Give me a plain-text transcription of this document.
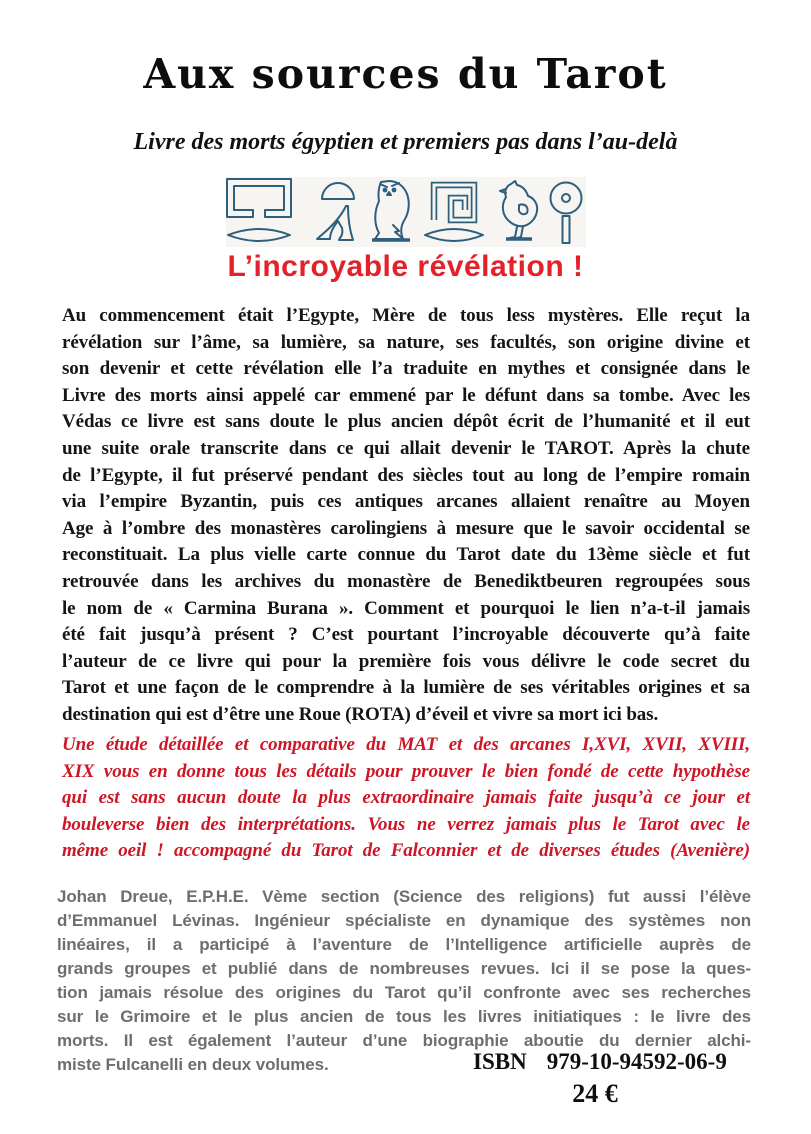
Aux sources du Tarot
Livre des morts égyptien et premiers pas dans l’au-delà
L’incroyable révélation !
Au commencement était l’Egypte, Mère de tous less mystères. Elle reçut la
révélation sur l’âme, sa lumière, sa nature, ses facultés, son origine divine et
son devenir et cette révélation elle l’a traduite en mythes et consignée dans le
Livre des morts ainsi appelé car emmené par le défunt dans sa tombe. Avec les
Védas ce livre est sans doute le plus ancien dépôt écrit de l’humanité et il eut
une suite orale transcrite dans ce qui allait devenir le TAROT. Après la chute
de l’Egypte, il fut préservé pendant des siècles tout au long de l’empire romain
via l’empire Byzantin, puis ces antiques arcanes allaient renaître au Moyen
Age à l’ombre des monastères carolingiens à mesure que le savoir occidental se
reconstituait. La plus vielle carte connue du Tarot date du 13ème siècle et fut
retrouvée dans les archives du monastère de Benediktbeuren regroupées sous
le nom de « Carmina Burana ». Comment et pourquoi le lien n’a-t-il jamais
été fait jusqu’à présent ? C’est pourtant l’incroyable découverte qu’à faite
l’auteur de ce livre qui pour la première fois vous délivre le code secret du
Tarot et une façon de le comprendre à la lumière de ses véritables origines et sa
destination qui est d’être une Roue (ROTA) d’éveil et vivre sa mort ici bas.
Une étude détaillée et comparative du MAT et des arcanes I,XVI, XVII, XVIII,
XIX vous en donne tous les détails pour prouver le bien fondé de cette hypothèse
qui est sans aucun doute la plus extraordinaire jamais faite jusqu’à ce jour et
bouleverse bien des interprétations. Vous ne verrez jamais plus le Tarot avec le
même oeil ! accompagné du Tarot de Falconnier et de diverses études (Avenière)
Johan Dreue, E.P.H.E. Vème section (Science des religions) fut aussi l’élève
d’Emmanuel Lévinas. Ingénieur spécialiste en dynamique des systèmes non
linéaires, il a participé à l’aventure de l’Intelligence artificielle auprès de
grands groupes et publié dans de nombreuses revues. Ici il se pose la ques-
tion jamais résolue des origines du Tarot qu’il confronte avec ses recherches
sur le Grimoire et le plus ancien de tous les livres initiatiques : le livre des
morts. Il est également l’auteur d’une biographie aboutie du dernier alchi-
miste Fulcanelli en deux volumes.	ISBN 979-10-94592-06-9
24 €
